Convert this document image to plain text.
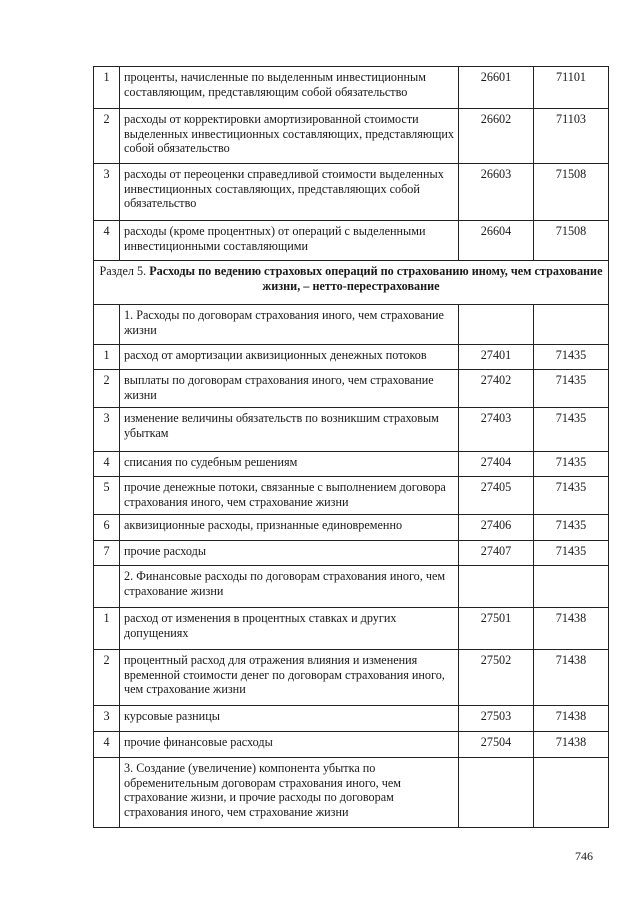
1	проценты, начисленные по выделенным инвестиционным составляющим, представляющим собой обязательство	26601	71101
2	расходы от корректировки амортизированной стоимости выделенных инвестиционных составляющих, представляющих собой обязательство	26602	71103
3	расходы от переоценки справедливой стоимости выделенных инвестиционных составляющих, представляющих собой обязательство	26603	71508
4	расходы (кроме процентных) от операций с выделенными инвестиционными составляющими	26604	71508
Раздел 5. Расходы по ведению страховых операций по страхованию иному, чем страхование жизни, – нетто-перестрахование			
	1. Расходы по договорам страхования иного, чем страхование жизни		
1	расход от амортизации аквизиционных денежных потоков	27401	71435
2	выплаты по договорам страхования иного, чем страхование жизни	27402	71435
3	изменение величины обязательств по возникшим страховым убыткам	27403	71435
4	списания по судебным решениям	27404	71435
5	прочие денежные потоки, связанные с выполнением договора страхования иного, чем страхование жизни	27405	71435
6	аквизиционные расходы, признанные единовременно	27406	71435
7	прочие расходы	27407	71435
	2. Финансовые расходы по договорам страхования иного, чем страхование жизни		
1	расход от изменения в процентных ставках и других допущениях	27501	71438
2	процентный расход для отражения влияния и изменения временной стоимости денег по договорам страхования иного, чем страхование жизни	27502	71438
3	курсовые разницы	27503	71438
4	прочие финансовые расходы	27504	71438
	3. Создание (увеличение) компонента убытка по обременительным договорам страхования иного, чем страхование жизни, и прочие расходы по договорам страхования иного, чем страхование жизни		
746
